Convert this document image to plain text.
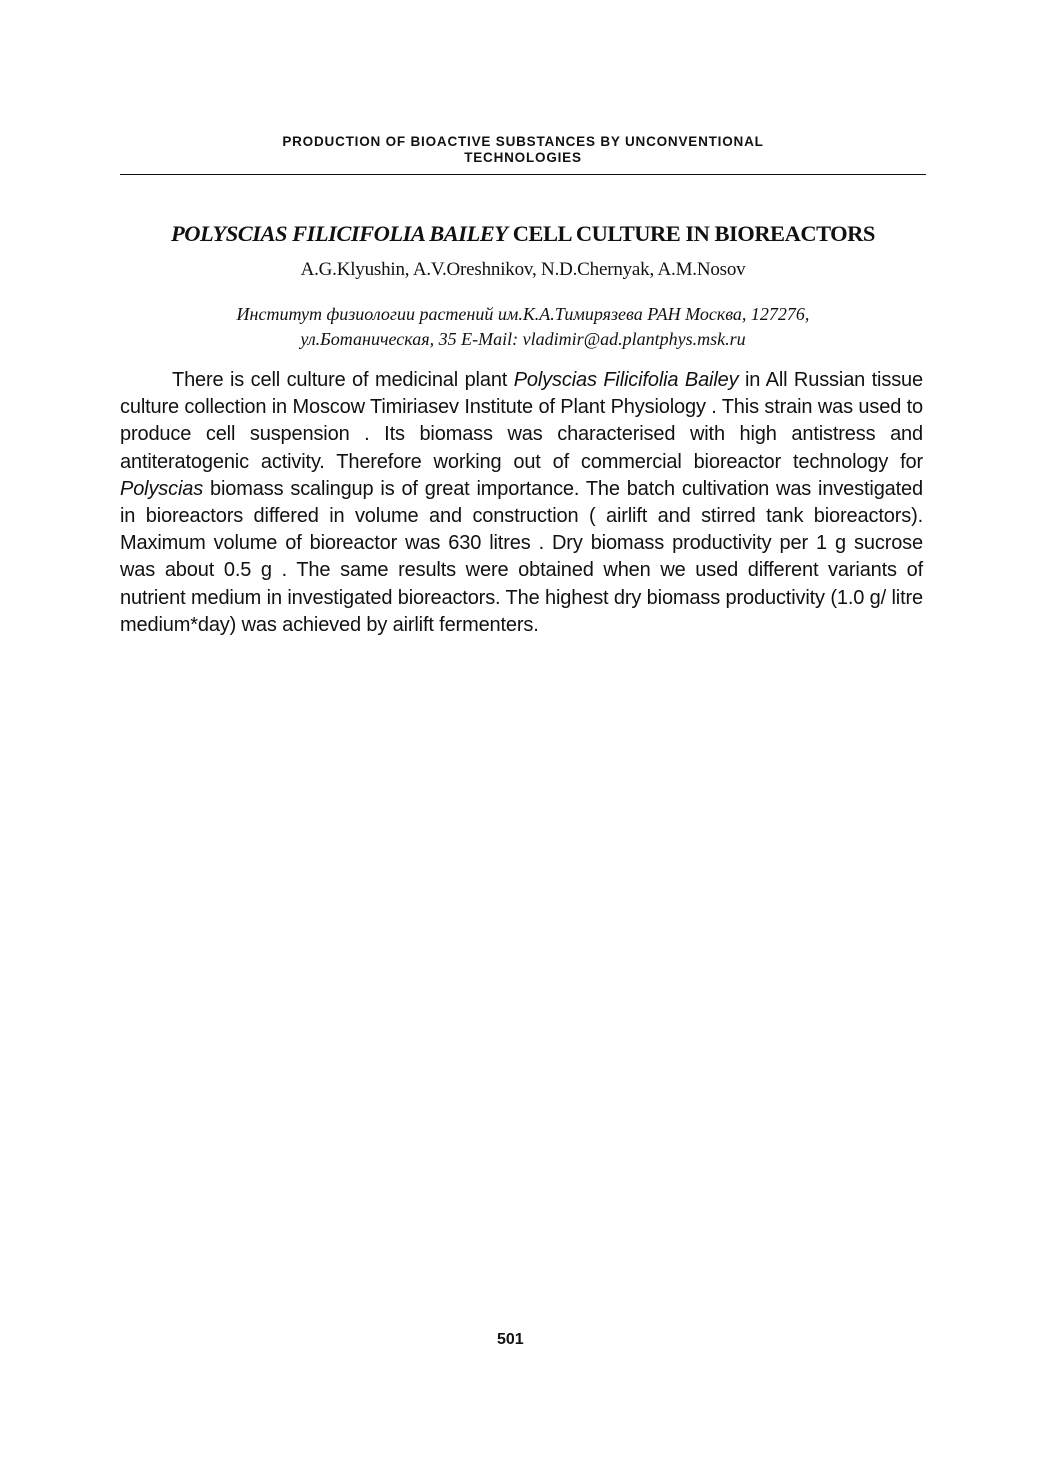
PRODUCTION OF BIOACTIVE SUBSTANCES BY UNCONVENTIONAL
TECHNOLOGIES
POLYSCIAS FILICIFOLIA BAILEY CELL CULTURE IN BIOREACTORS
A.G.Klyushin, A.V.Oreshnikov, N.D.Chernyak, A.M.Nosov
Институт физиологии растений им.К.А.Тимирязева РАН Москва, 127276,
ул.Ботаническая, 35 E-Mail: vladimir@ad.plantphys.msk.ru

There is cell culture of medicinal plant Polyscias Filicifolia Bailey in All Russian tissue culture collection in Moscow Timiriasev Institute of Plant Physiology . This strain was used to produce cell suspension . Its biomass was characterised with high antistress and antiteratogenic activity. Therefore working out of commercial bioreactor technology for Polyscias biomass scalingup is of great importance. The batch cultivation was investigated in bioreactors differed in volume and construction ( airlift and stirred tank bioreactors). Maximum volume of bioreactor was 630 litres . Dry biomass productivity per 1 g sucrose was about 0.5 g . The same results were obtained when we used different variants of nutrient medium in investigated bioreactors. The highest dry biomass productivity (1.0 g/ litre medium*day) was achieved by airlift fermenters.

501
